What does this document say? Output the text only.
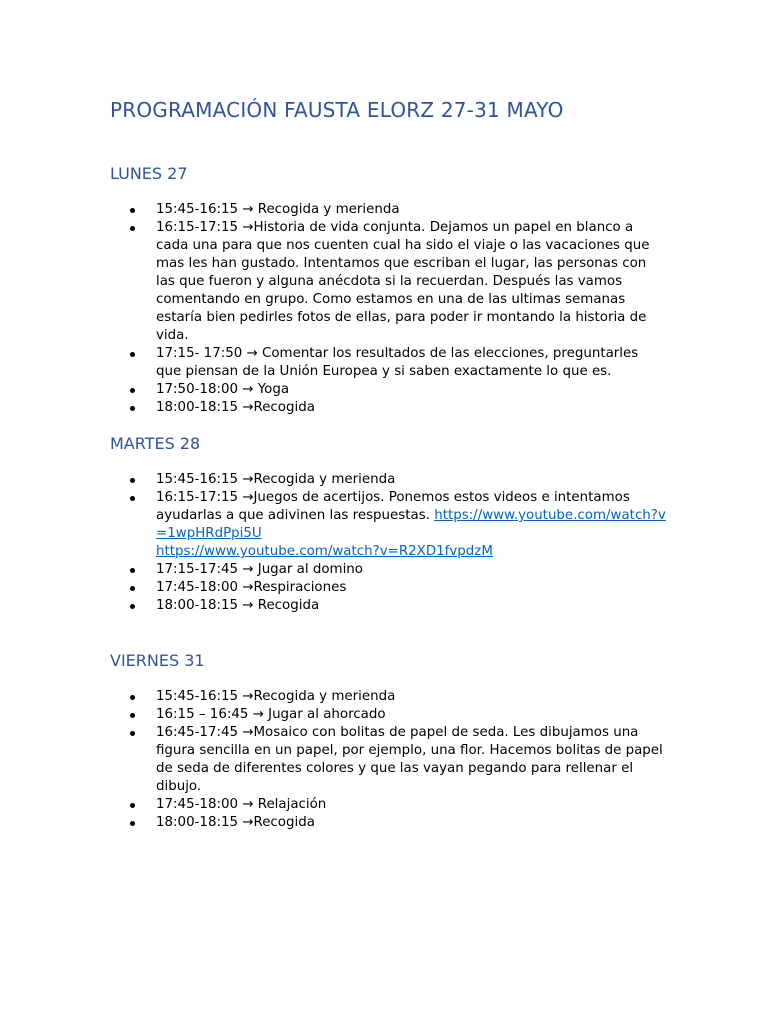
PROGRAMACIÓN FAUSTA ELORZ 27-31 MAYO
LUNES 27
15:45-16:15 → Recogida y merienda
16:15-17:15 →Historia de vida conjunta. Dejamos un papel en blanco a cada una para que nos cuenten cual ha sido el viaje o las vacaciones que mas les han gustado. Intentamos que escriban el lugar, las personas con las que fueron y alguna anécdota si la recuerdan. Después las vamos comentando en grupo. Como estamos en una de las ultimas semanas estaría bien pedirles fotos de ellas, para poder ir montando la historia de vida.
17:15- 17:50 → Comentar los resultados de las elecciones, preguntarles que piensan de la Unión Europea y si saben exactamente lo que es.
17:50-18:00 → Yoga
18:00-18:15 →Recogida
MARTES 28
15:45-16:15 →Recogida y merienda
16:15-17:15 →Juegos de acertijos. Ponemos estos videos e intentamos ayudarlas a que adivinen las respuestas. https://www.youtube.com/watch?v=1wpHRdPpi5U
https://www.youtube.com/watch?v=R2XD1fvpdzM
17:15-17:45 → Jugar al domino
17:45-18:00 →Respiraciones
18:00-18:15 → Recogida
VIERNES 31
15:45-16:15 →Recogida y merienda
16:15 – 16:45 → Jugar al ahorcado
16:45-17:45 →Mosaico con bolitas de papel de seda. Les dibujamos una figura sencilla en un papel, por ejemplo, una flor. Hacemos bolitas de papel de seda de diferentes colores y que las vayan pegando para rellenar el dibujo.
17:45-18:00 → Relajación
18:00-18:15 →Recogida
